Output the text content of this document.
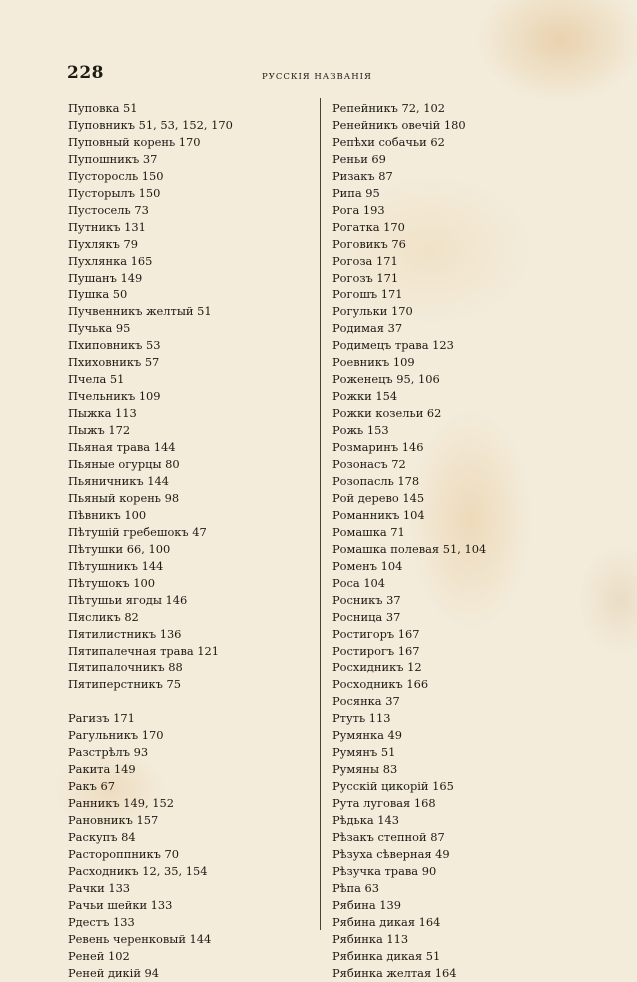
228	РУССКІЯ НАЗВАНІЯ
Пуповка 51
Пуповникъ 51, 53, 152, 170
Пуповный корень 170
Пупошникъ 37
Пусторосль 150
Пусторылъ 150
Пустосель 73
Путникъ 131
Пухлякъ 79
Пухлянка 165
Пушанъ 149
Пушка 50
Пучвенникъ желтый 51
Пучька 95
Пхиповникъ 53
Пхиховникъ 57
Пчела 51
Пчельникъ 109
Пыжка 113
Пыжъ 172
Пьяная трава 144
Пьяные огурцы 80
Пьяничникъ 144
Пьяный корень 98
Пѣвникъ 100
Пѣтушій гребешокъ 47
Пѣтушки 66, 100
Пѣтушникъ 144
Пѣтушокъ 100
Пѣтушьи ягоды 146
Пясликъ 82
Пятилистникъ 136
Пятипалечная трава 121
Пятипалочникъ 88
Пятиперстникъ 75
Рагизъ 171
Рагульникъ 170
Разстрѣлъ 93
Ракита 149
Ракъ 67
Ранникъ 149, 152
Рановникъ 157
Раскупъ 84
Растороппникъ 70
Расходникъ 12, 35, 154
Рачки 133
Рачьи шейки 133
Рдестъ 133
Ревень черенковый 144
Реней 102
Реней дикій 94
Репейникъ 72, 102
Ренейникъ овечій 180
Репѣхи собачьи 62
Реньи 69
Ризакъ 87
Рипа 95
Рога 193
Рогатка 170
Роговикъ 76
Рогоза 171
Рогозъ 171
Рогошъ 171
Рогульки 170
Родимая 37
Родимецъ трава 123
Роевникъ 109
Роженецъ 95, 106
Рожки 154
Рожки козельи 62
Рожь 153
Розмаринъ 146
Розонасъ 72
Розопасль 178
Рой дерево 145
Романникъ 104
Ромашка 71
Ромашка полевая 51, 104
Роменъ 104
Роса 104
Росникъ 37
Росница 37
Ростигоръ 167
Ростирогъ 167
Росхидникъ 12
Росходникъ 166
Росянка 37
Ртуть 113
Румянка 49
Румянъ 51
Румяны 83
Русскій цикорій 165
Рута луговая 168
Рѣдька 143
Рѣзакъ степной 87
Рѣзуха сѣверная 49
Рѣзучка трава 90
Рѣпа 63
Рябина 139
Рябина дикая 164
Рябинка 113
Рябинка дикая 51
Рябинка желтая 164
